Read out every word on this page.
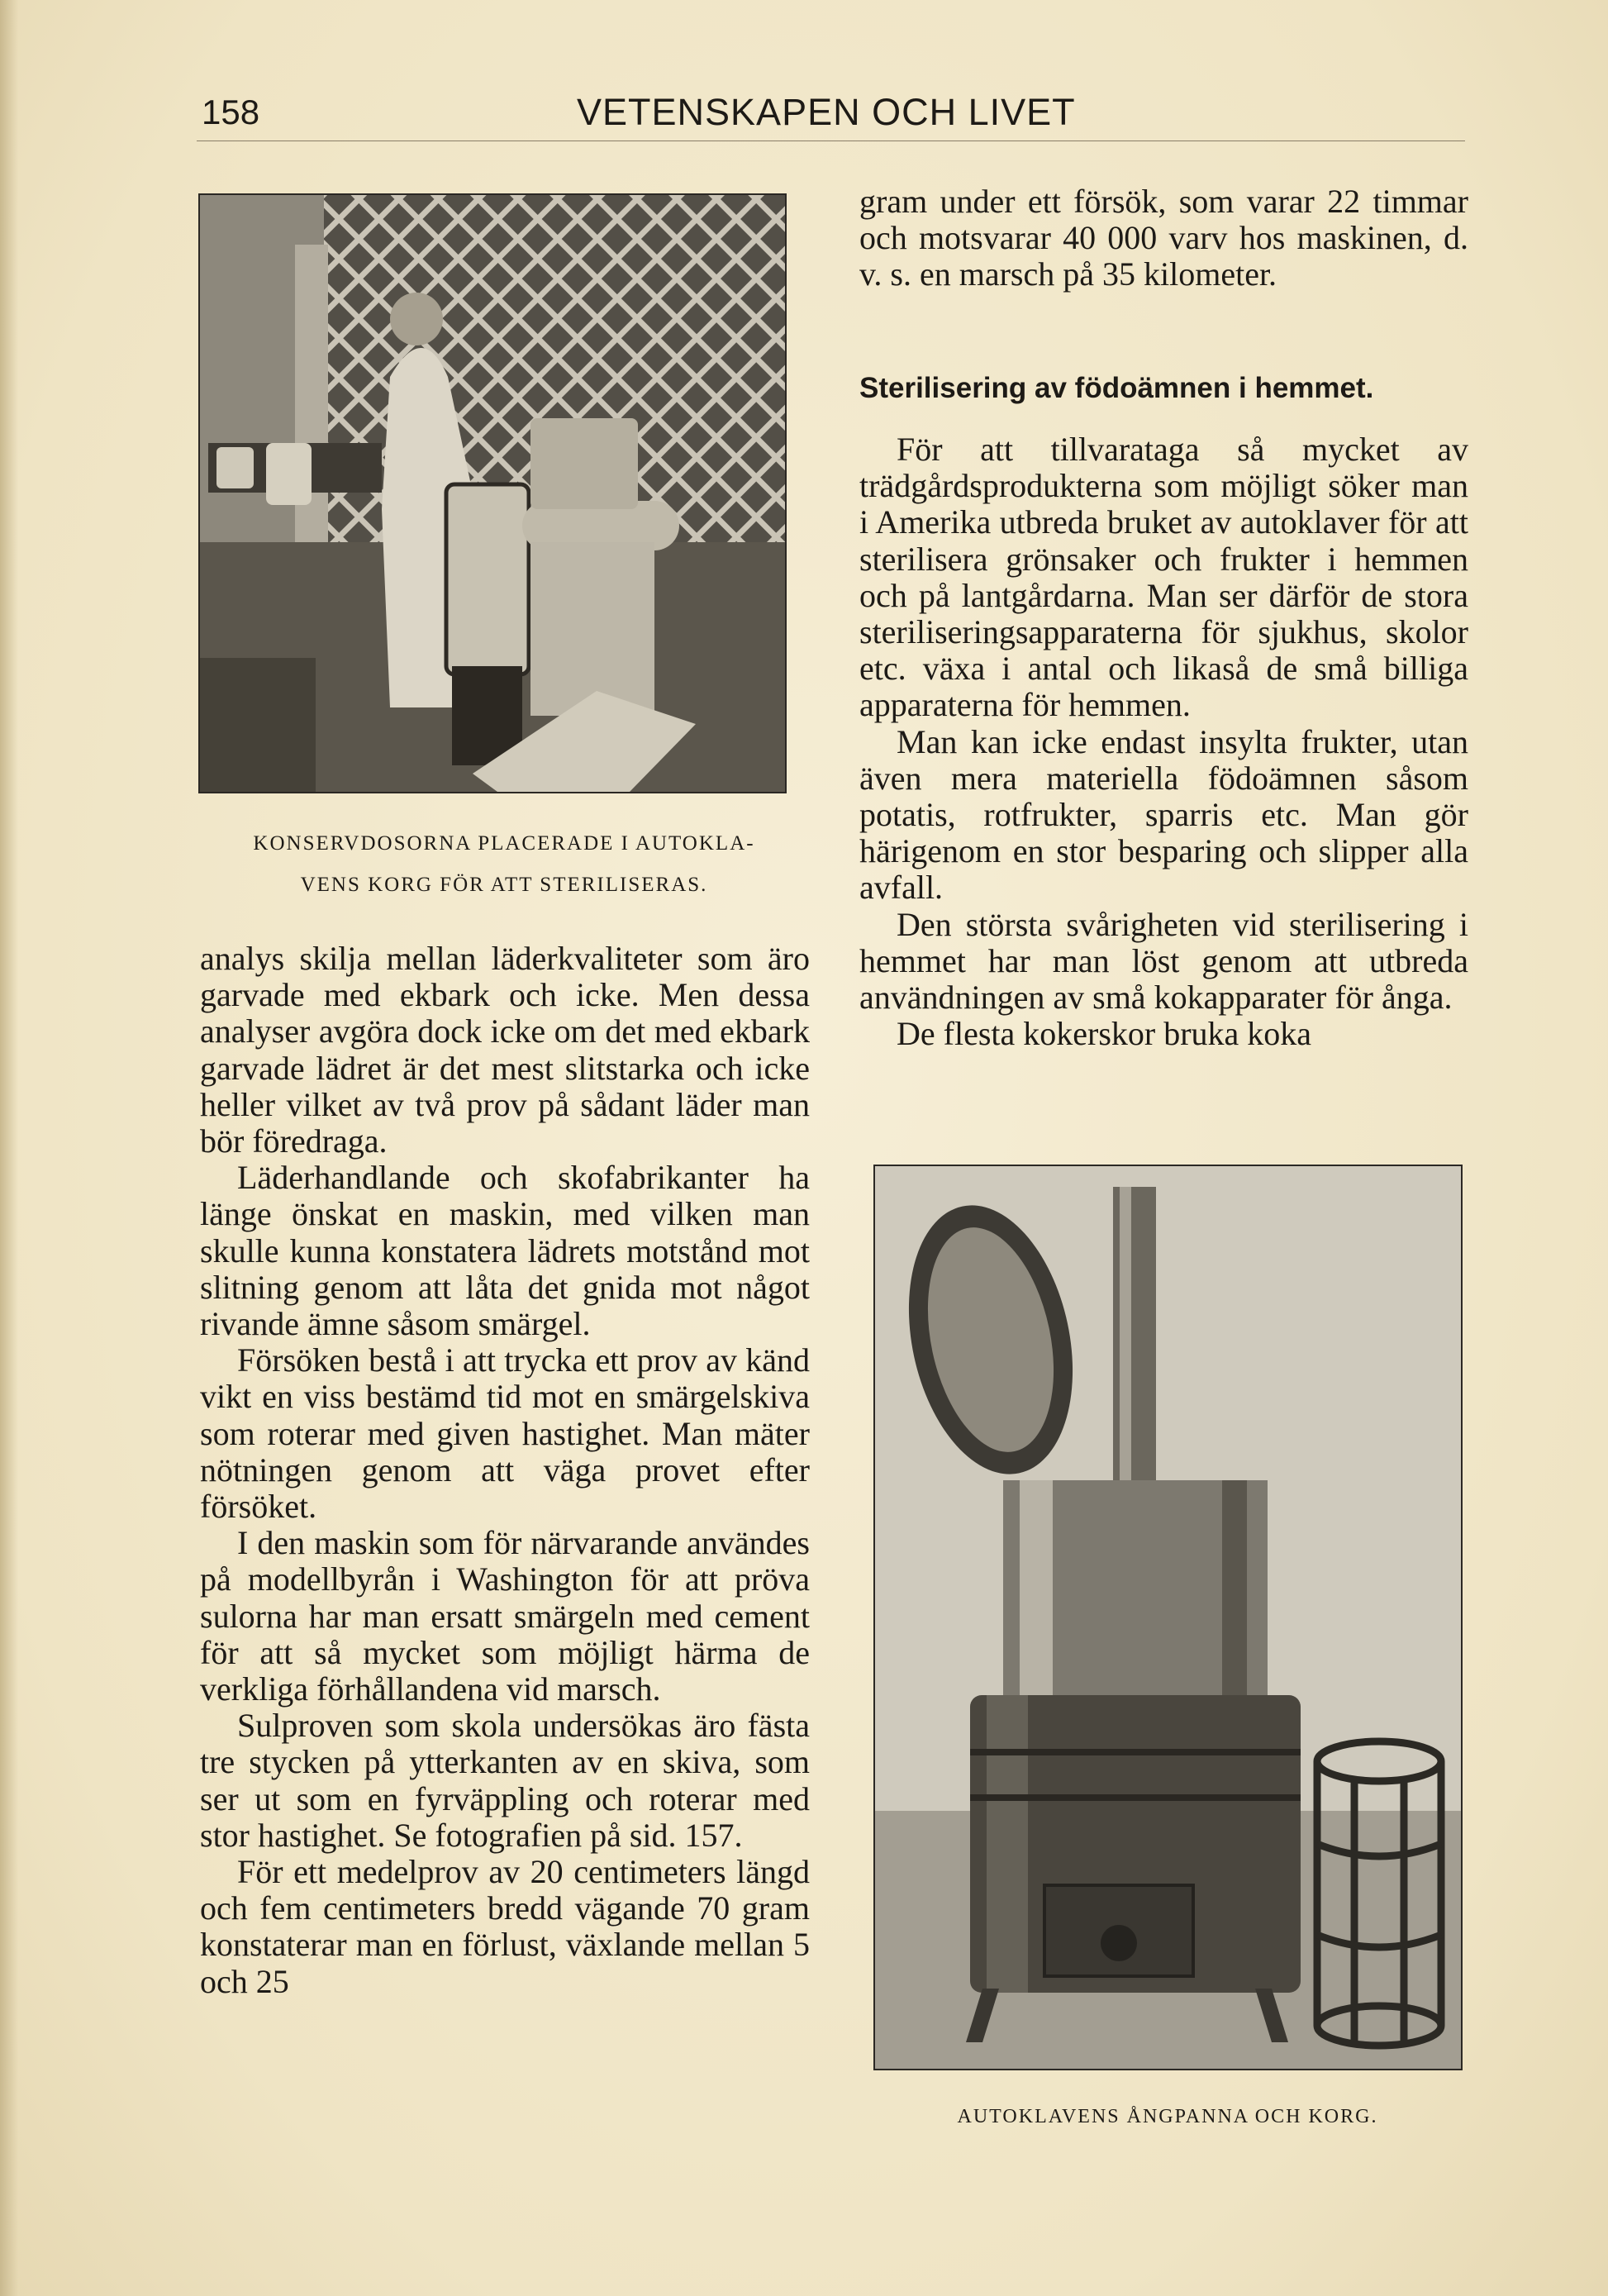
158	VETENSKAPEN OCH LIVET
KONSERVDOSORNA PLACERADE I AUTOKLA-
VENS KORG FÖR ATT STERILISERAS.

analys skilja mellan läderkvaliteter som äro garvade med ekbark och icke. Men dessa analyser avgöra dock icke om det med ekbark garvade lädret är det mest slitstarka och icke heller vilket av två prov på sådant läder man bör föredraga.

Läderhandlande och skofabrikanter ha länge önskat en maskin, med vilken man skulle kunna konstatera lädrets motstånd mot slitning genom att låta det gnida mot något rivande ämne såsom smärgel.

Försöken bestå i att trycka ett prov av känd vikt en viss bestämd tid mot en smärgelskiva som roterar med given hastighet. Man mäter nötningen genom att väga provet efter försöket.

I den maskin som för närvarande användes på modellbyrån i Washington för att pröva sulorna har man ersatt smärgeln med cement för att så mycket som möjligt härma de verkliga förhållandena vid marsch.

Sulproven som skola undersökas äro fästa tre stycken på ytterkanten av en skiva, som ser ut som en fyrväppling och roterar med stor hastighet. Se fotografien på sid. 157.

För ett medelprov av 20 centimeters längd och fem centimeters bredd vägande 70 gram konstaterar man en förlust, växlande mellan 5 och 25

gram under ett försök, som varar 22 timmar och motsvarar 40 000 varv hos maskinen, d. v. s. en marsch på 35 kilometer.

Sterilisering av födoämnen i hemmet.

För att tillvarataga så mycket av trädgårdsprodukterna som möjligt söker man i Amerika utbreda bruket av autoklaver för att sterilisera grönsaker och frukter i hemmen och på lantgårdarna. Man ser därför de stora steriliseringsapparaterna för sjukhus, skolor etc. växa i antal och likaså de små billiga apparaterna för hemmen.

Man kan icke endast insylta frukter, utan även mera materiella födoämnen såsom potatis, rotfrukter, sparris etc. Man gör härigenom en stor besparing och slipper alla avfall.

Den största svårigheten vid sterilisering i hemmet har man löst genom att utbreda användningen av små kokapparater för ånga.

De flesta kokerskor bruka koka

AUTOKLAVENS ÅNGPANNA OCH KORG.
